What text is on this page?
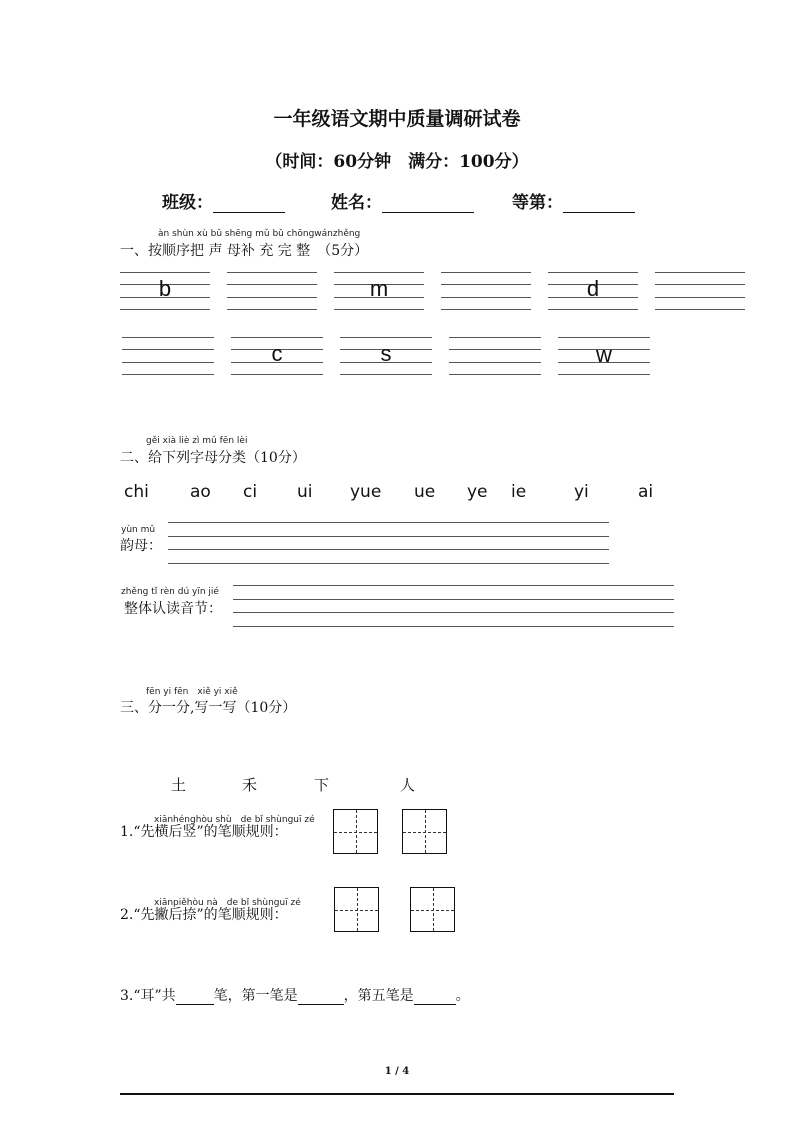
一年级语文期中质量调研试卷
（时间：60分钟　满分：100分）
班级：	姓名：	等第：
àn shùn xù bǔ shēng mǔ bǔ chōngwánzhěng
一、按顺序把 声 母补 充 完 整　（5分）
b	m	d
c	s	w
gěi xià liè zì mǔ fēn lèi
二、给下列字母分类（10分）
chi ao ci ui yue ue ye ie	yi	ai
yùn mǔ
韵母：
zhěng tǐ rèn dú yīn jié
整体认读音节：
fēn yi fēn　xiě yi xiě
三、分一分,写一写（10分）
土	禾	下	人
xiānhénghòu shù　de bǐ shùnguī zé
1.“先横后竖”的笔顺规则：
xiānpiěhòu nà　de bǐ shùnguī zé
2.“先撇后捺”的笔顺规则：
3.“耳”共	笔，第一笔是	，第五笔是	。
1 / 4
